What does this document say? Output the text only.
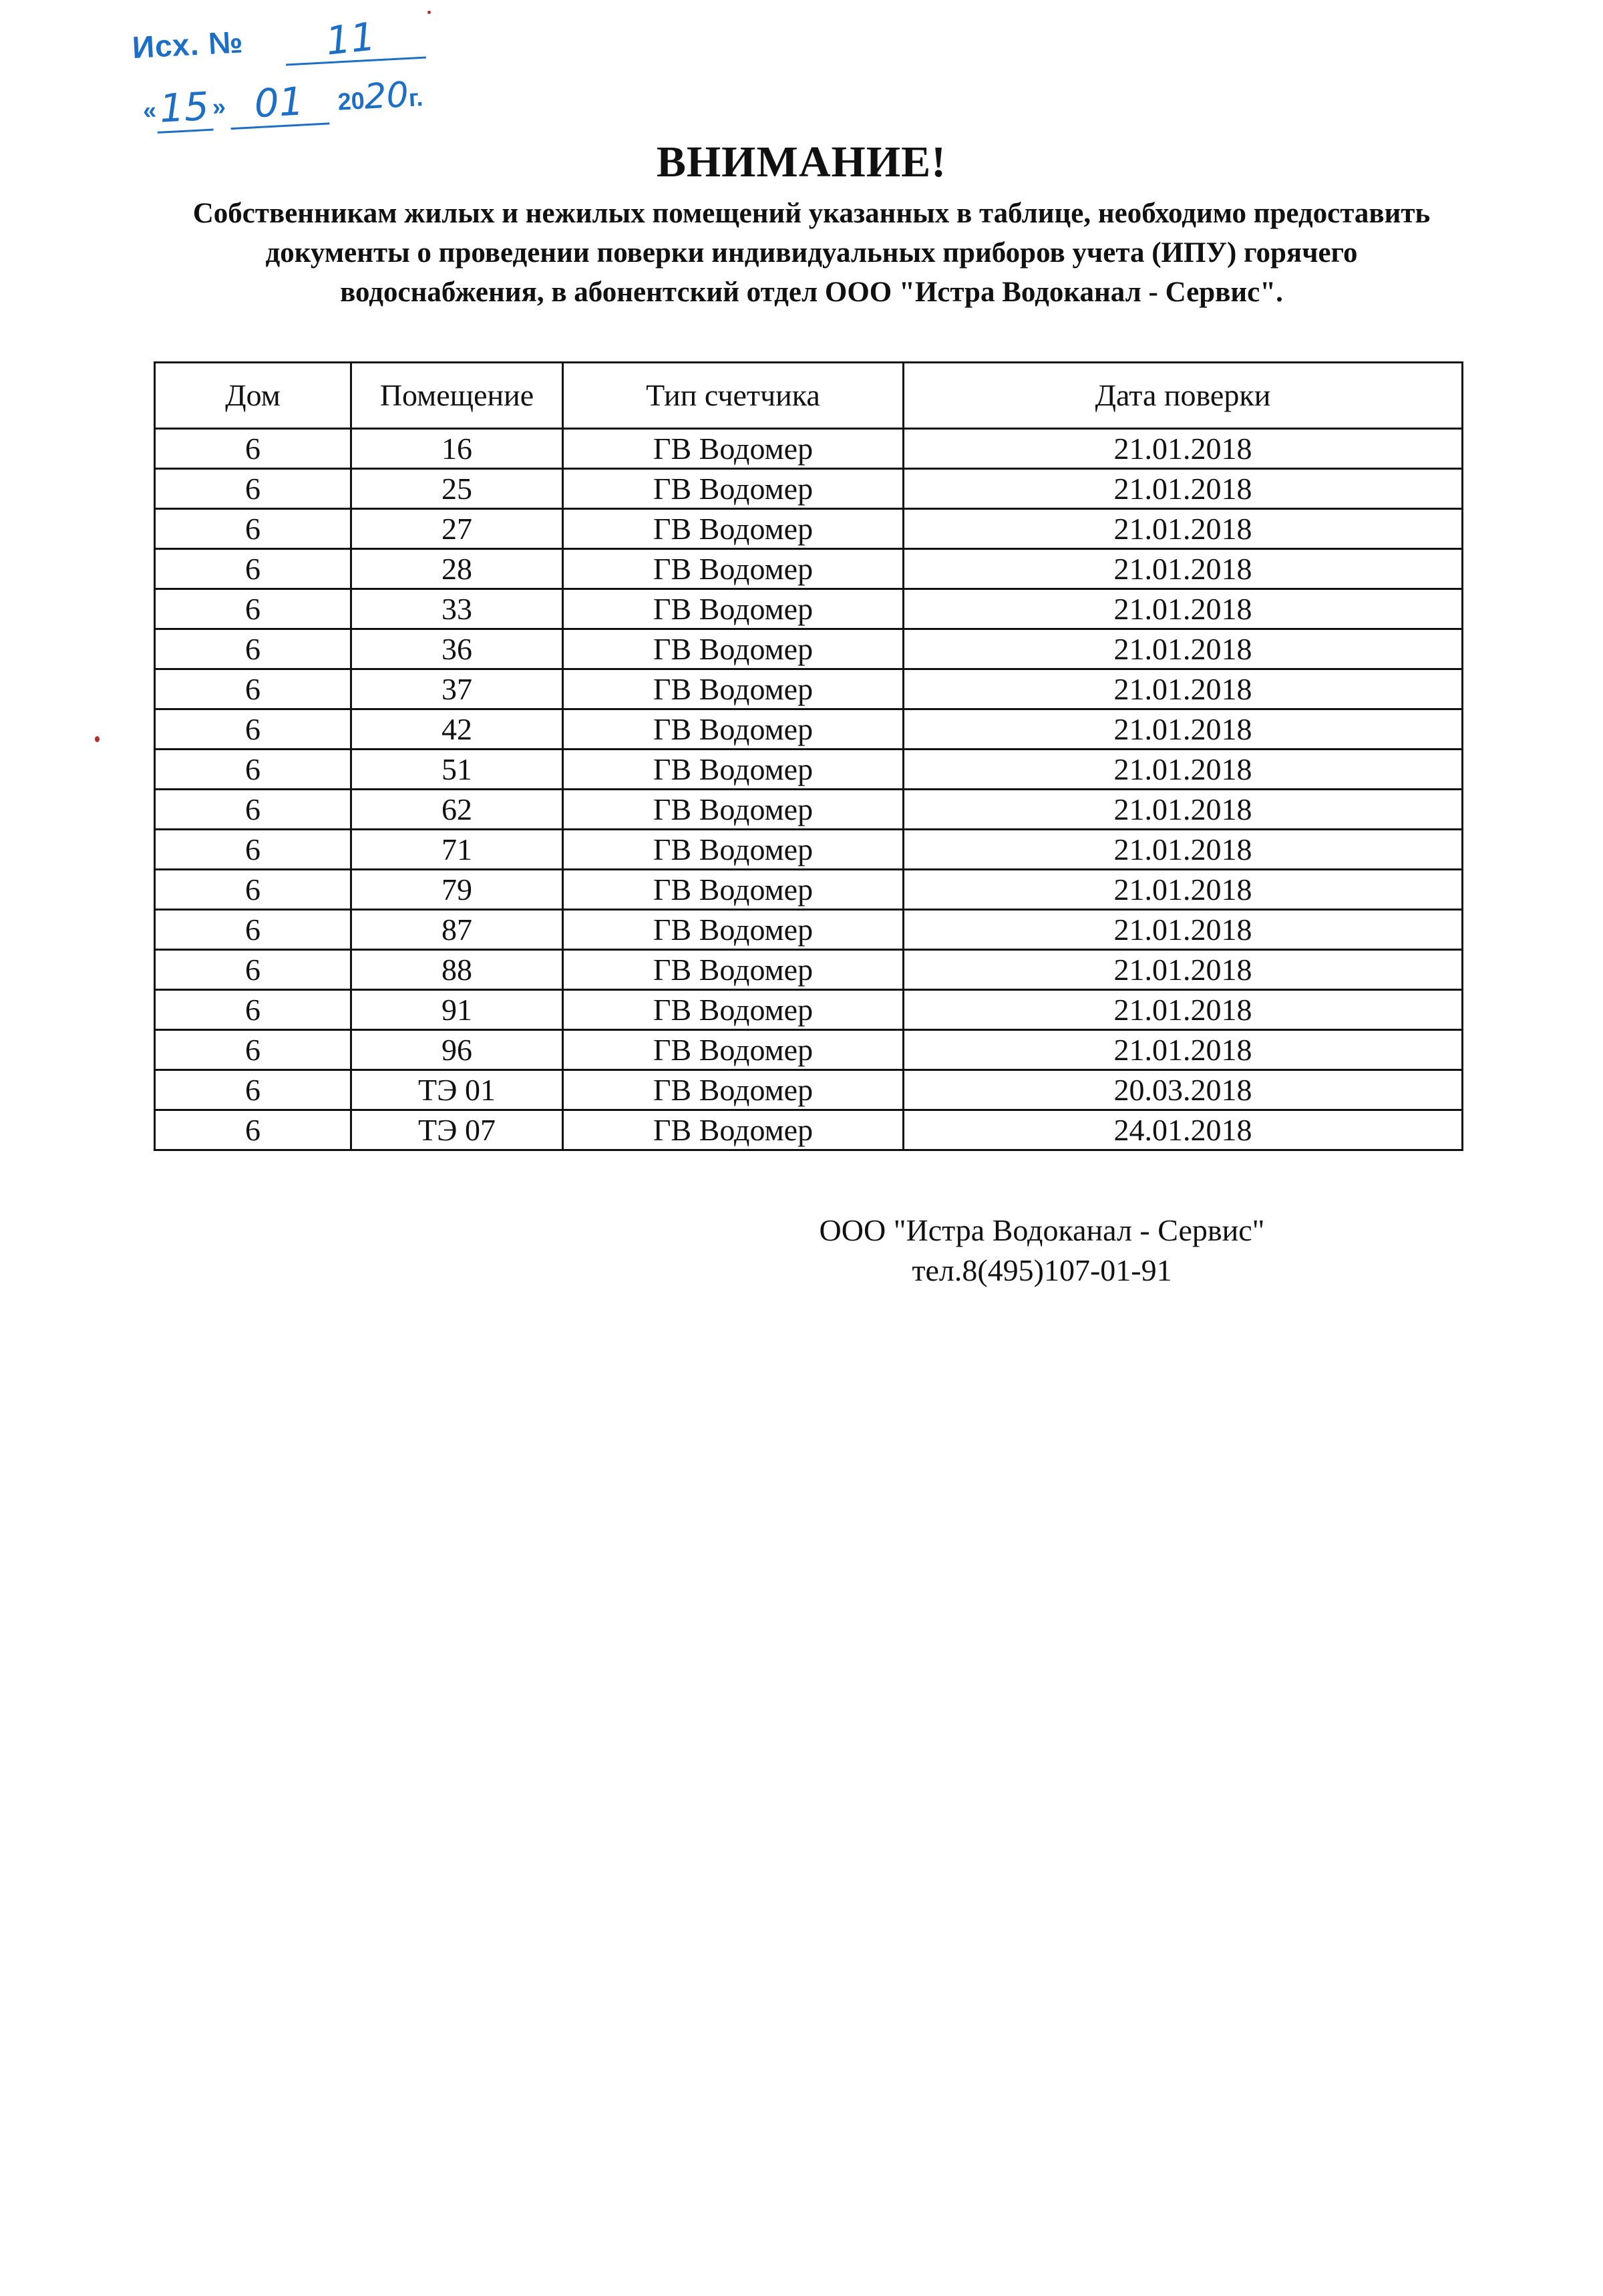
Исх. № 11
«15» 01 2020г.
ВНИМАНИЕ!
Собственникам жилых и нежилых помещений указанных в таблице, необходимо предоставить документы о проведении поверки индивидуальных приборов учета (ИПУ) горячего водоснабжения, в абонентский отдел ООО "Истра Водоканал - Сервис".
Дом	Помещение	Тип счетчика	Дата поверки
6	16	ГВ Водомер	21.01.2018
6	25	ГВ Водомер	21.01.2018
6	27	ГВ Водомер	21.01.2018
6	28	ГВ Водомер	21.01.2018
6	33	ГВ Водомер	21.01.2018
6	36	ГВ Водомер	21.01.2018
6	37	ГВ Водомер	21.01.2018
6	42	ГВ Водомер	21.01.2018
6	51	ГВ Водомер	21.01.2018
6	62	ГВ Водомер	21.01.2018
6	71	ГВ Водомер	21.01.2018
6	79	ГВ Водомер	21.01.2018
6	87	ГВ Водомер	21.01.2018
6	88	ГВ Водомер	21.01.2018
6	91	ГВ Водомер	21.01.2018
6	96	ГВ Водомер	21.01.2018
6	ТЭ 01	ГВ Водомер	20.03.2018
6	ТЭ 07	ГВ Водомер	24.01.2018
ООО "Истра Водоканал - Сервис"
тел.8(495)107-01-91
